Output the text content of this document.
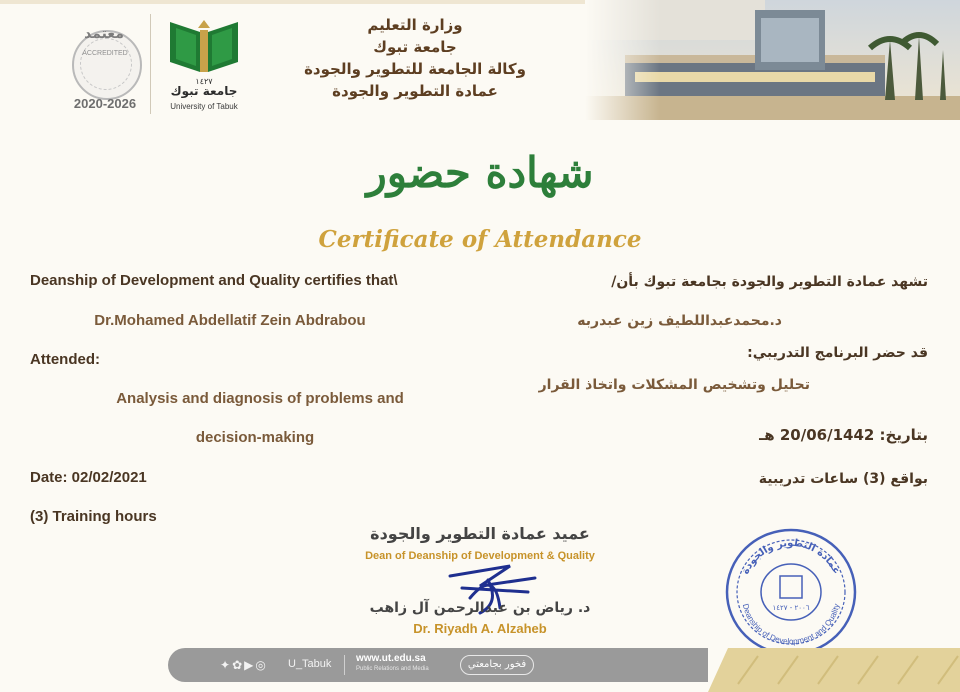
معتمد
ACCREDITED
2020-2026
١٤٢٧
جامعة تبوك
University of Tabuk
وزارة التعليم
جامعة تبوك
وكالة الجامعة للتطوير والجودة
عمادة التطوير والجودة
شهادة حضور
Certificate of Attendance
Deanship of Development and Quality certifies that\
Dr.Mohamed Abdellatif Zein Abdrabou
Attended:
Analysis and diagnosis of problems and
decision-making
Date: 02/02/2021
(3) Training hours
تشهد عمادة التطوير والجودة بجامعة تبوك بأن/
د.محمدعبداللطيف زين عبدربه
قد حضر البرنامج التدريبي:
تحليل وتشخيص المشكلات واتخاذ القرار
بتاريخ: 20/06/1442 هـ
بواقع (3) ساعات تدريبية
عميد عمادة التطوير والجودة
Dean of Deanship of Development & Quality
د. رياض بن عبدالرحمن آل زاهب
Dr. Riyadh A. Alzaheb
عمادة التطوير والجودة
Deanship of Development and Quality
٢٠٠٦ - ١٤٢٧
✦✿▶◎ U_Tabuk www.ut.edu.sa
Public Relations and Media	فخور بجامعتي
